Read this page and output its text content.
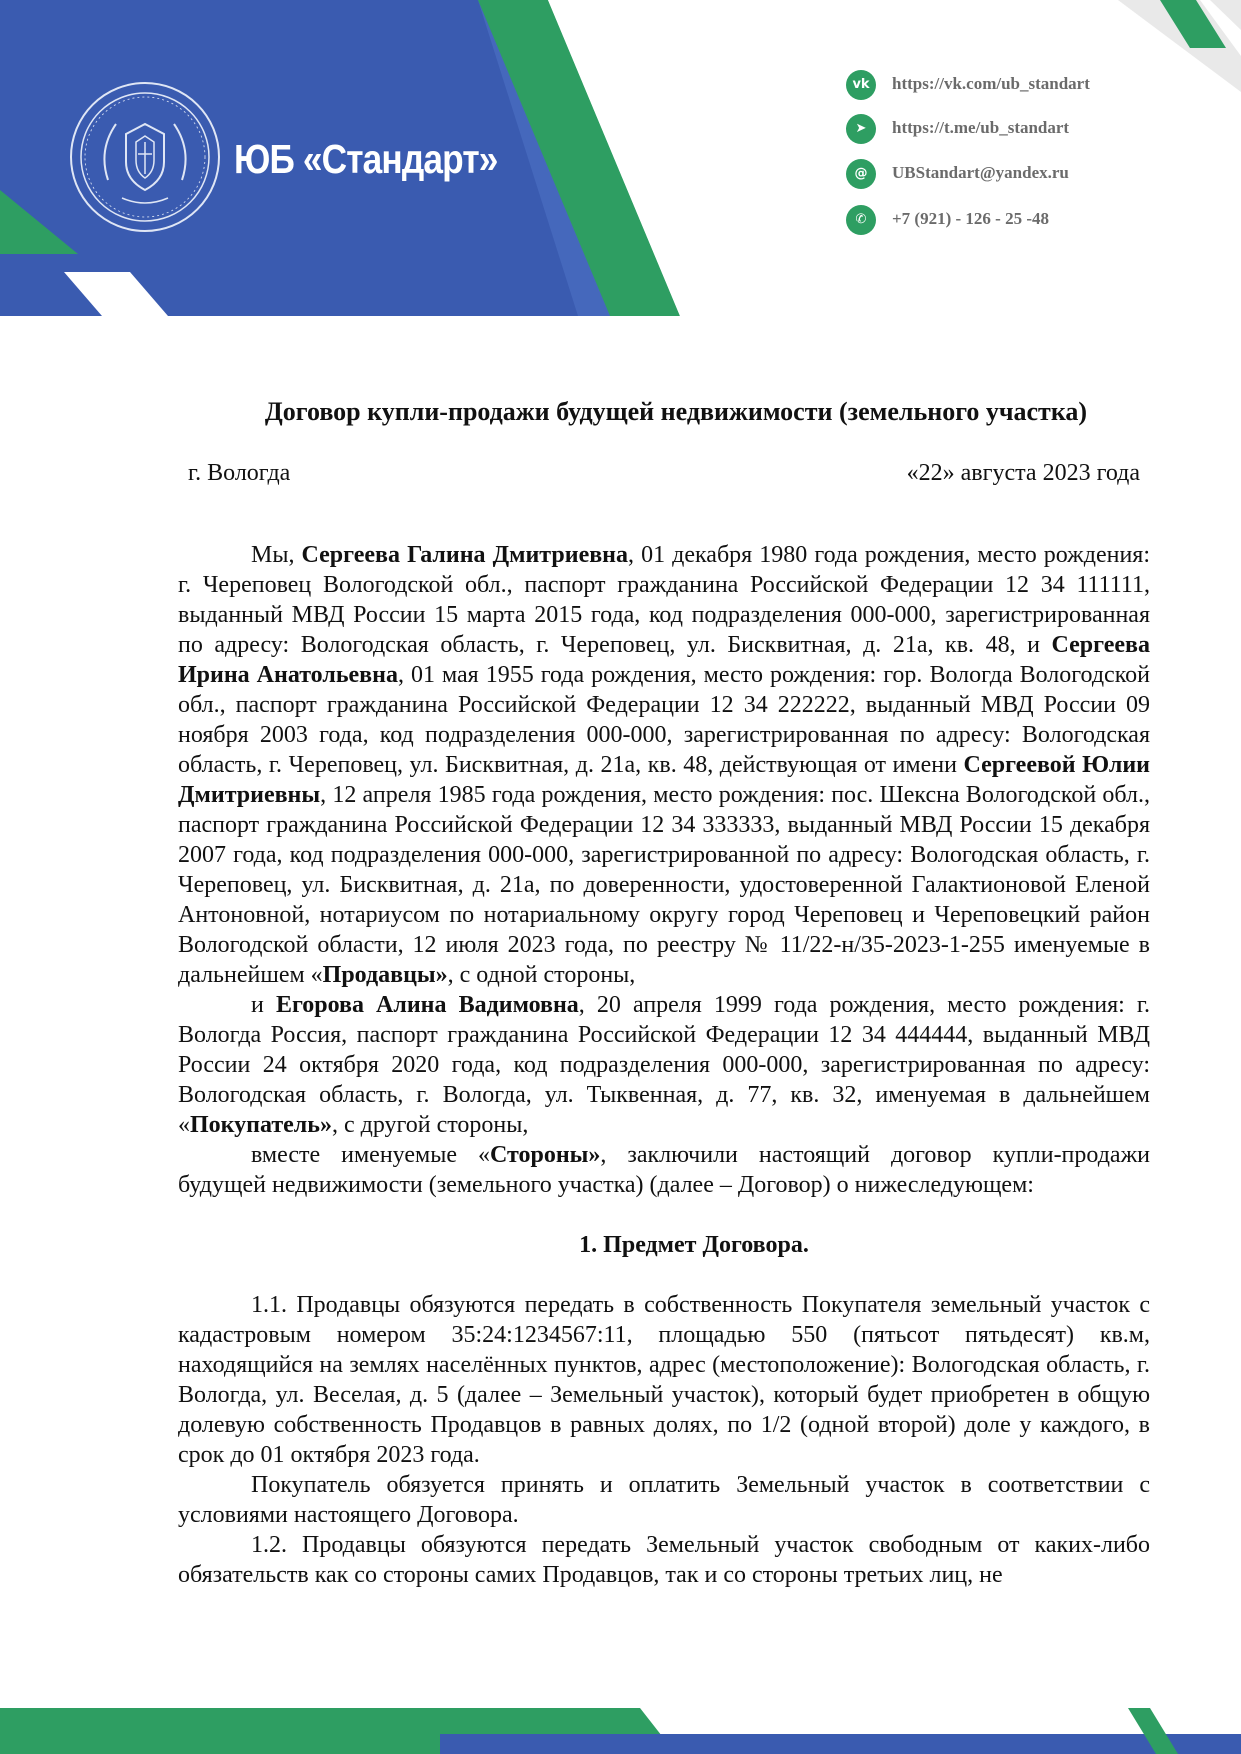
ЮБ «Стандарт»
vk	https://vk.com/ub_standart
➤	https://t.me/ub_standart
@	UBStandart@yandex.ru
✆	+7 (921) - 126 - 25 -48
Договор купли-продажи будущей недвижимости (земельного участка)
г. Вологда	«22» августа 2023 года

Мы, Сергеева Галина Дмитриевна, 01 декабря 1980 года рождения, место рождения: г. Череповец Вологодской обл., паспорт гражданина Российской Федерации 12 34 111111, выданный МВД России 15 марта 2015 года, код подразделения 000-000, зарегистрированная по адресу: Вологодская область, г. Череповец, ул. Бисквитная, д. 21а, кв. 48, и Сергеева Ирина Анатольевна, 01 мая 1955 года рождения, место рождения: гор. Вологда Вологодской обл., паспорт гражданина Российской Федерации 12 34 222222, выданный МВД России 09 ноября 2003 года, код подразделения 000-000, зарегистрированная по адресу: Вологодская область, г. Череповец, ул. Бисквитная, д. 21а, кв. 48, действующая от имени Сергеевой Юлии Дмитриевны, 12 апреля 1985 года рождения, место рождения: пос. Шексна Вологодской обл., паспорт гражданина Российской Федерации 12 34 333333, выданный МВД России 15 декабря 2007 года, код подразделения 000-000, зарегистрированной по адресу: Вологодская область, г. Череповец, ул. Бисквитная, д. 21а, по доверенности, удостоверенной Галактионовой Еленой Антоновной, нотариусом по нотариальному округу город Череповец и Череповецкий район Вологодской области, 12 июля 2023 года, по реестру № 11/22-н/35-2023-1-255 именуемые в дальнейшем «Продавцы», с одной стороны,

и Егорова Алина Вадимовна, 20 апреля 1999 года рождения, место рождения: г. Вологда Россия, паспорт гражданина Российской Федерации 12 34 444444, выданный МВД России 24 октября 2020 года, код подразделения 000-000, зарегистрированная по адресу: Вологодская область, г. Вологда, ул. Тыквенная, д. 77, кв. 32, именуемая в дальнейшем «Покупатель», с другой стороны,

вместе именуемые «Стороны», заключили настоящий договор купли-продажи будущей недвижимости (земельного участка) (далее – Договор) о нижеследующем:

1. Предмет Договора.

1.1. Продавцы обязуются передать в собственность Покупателя земельный участок с кадастровым номером 35:24:1234567:11, площадью 550 (пятьсот пятьдесят) кв.м, находящийся на землях населённых пунктов, адрес (местоположение): Вологодская область, г. Вологда, ул. Веселая, д. 5 (далее – Земельный участок), который будет приобретен в общую долевую собственность Продавцов в равных долях, по 1/2 (одной второй) доле у каждого, в срок до 01 октября 2023 года.

Покупатель обязуется принять и оплатить Земельный участок в соответствии с условиями настоящего Договора.

1.2. Продавцы обязуются передать Земельный участок свободным от каких-либо обязательств как со стороны самих Продавцов, так и со стороны третьих лиц, не
